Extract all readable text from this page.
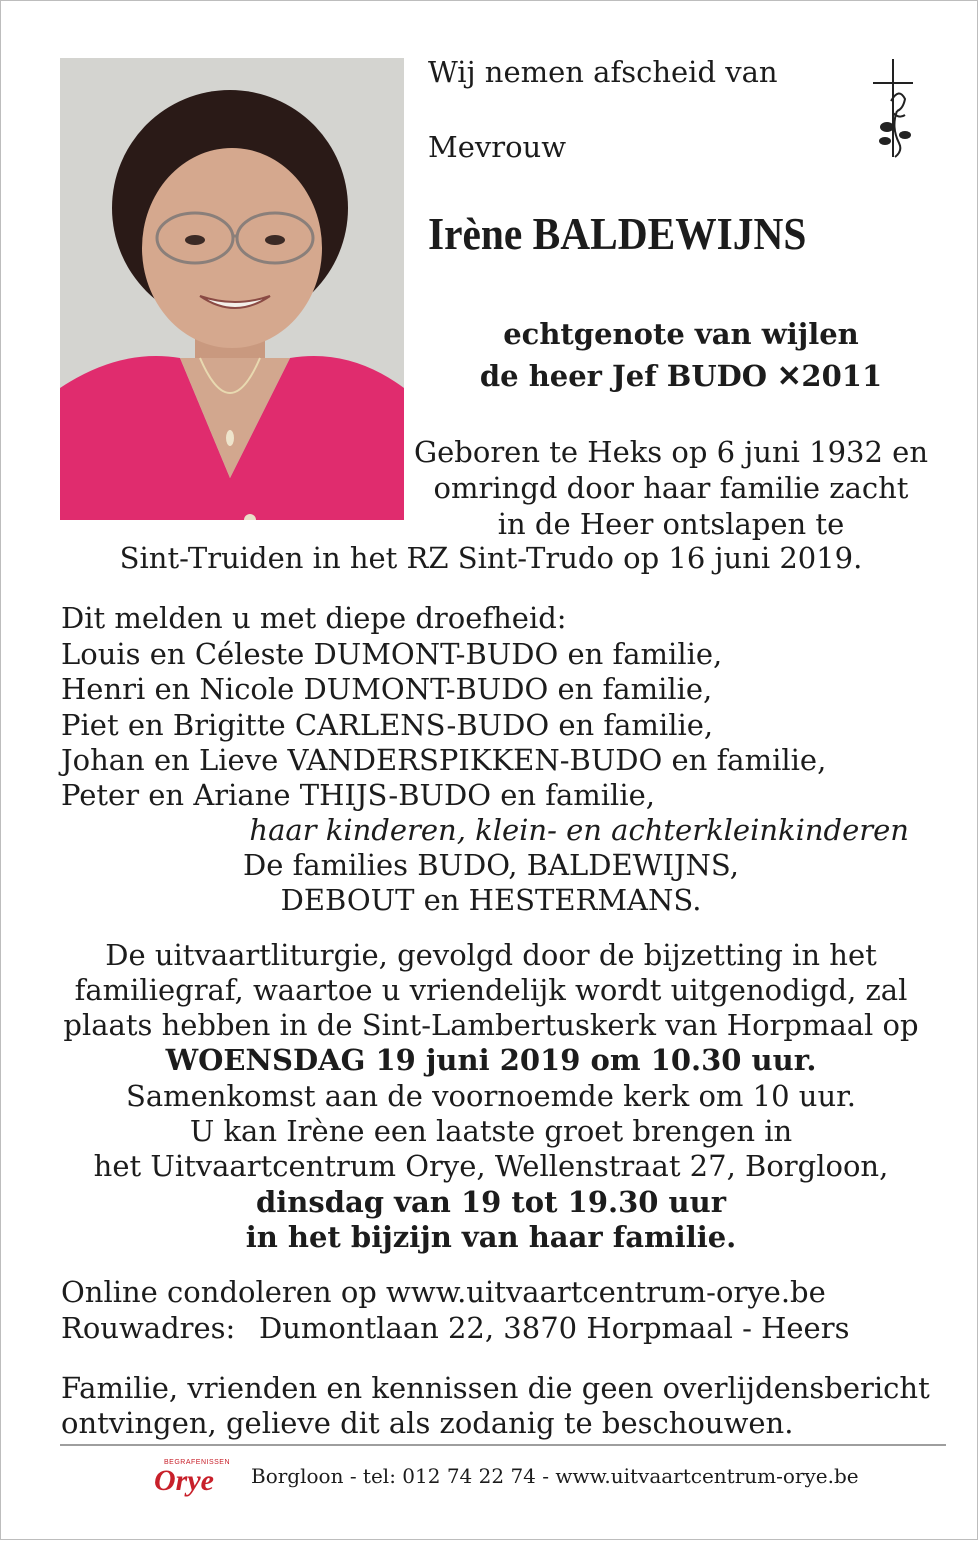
Wij nemen afscheid van
Mevrouw
Irène BALDEWIJNS
echtgenote van wijlen
de heer Jef BUDO ✕2011
Geboren te Heks op 6 juni 1932 en
omringd door haar familie zacht
in de Heer ontslapen te
Sint-Truiden in het RZ Sint-Trudo op 16 juni 2019.
Dit melden u met diepe droefheid:
Louis en Céleste DUMONT-BUDO en familie,
Henri en Nicole DUMONT-BUDO en familie,
Piet en Brigitte CARLENS-BUDO en familie,
Johan en Lieve VANDERSPIKKEN-BUDO en familie,
Peter en Ariane THIJS-BUDO en familie,
haar kinderen, klein- en achterkleinkinderen
De families BUDO, BALDEWIJNS,
DEBOUT en HESTERMANS.
De uitvaartliturgie, gevolgd door de bijzetting in het
familiegraf, waartoe u vriendelijk wordt uitgenodigd, zal
plaats hebben in de Sint-Lambertuskerk van Horpmaal op
WOENSDAG 19 juni 2019 om 10.30 uur.
Samenkomst aan de voornoemde kerk om 10 uur.
U kan Irène een laatste groet brengen in
het Uitvaartcentrum Orye, Wellenstraat 27, Borgloon,
dinsdag van 19 tot 19.30 uur
in het bijzijn van haar familie.
Online condoleren op www.uitvaartcentrum-orye.be
Rouwadres: Dumontlaan 22, 3870 Horpmaal - Heers
Familie, vrienden en kennissen die geen overlijdensbericht
ontvingen, gelieve dit als zodanig te beschouwen.
BEGRAFENISSEN
Orye	Borgloon - tel: 012 74 22 74 - www.uitvaartcentrum-orye.be
